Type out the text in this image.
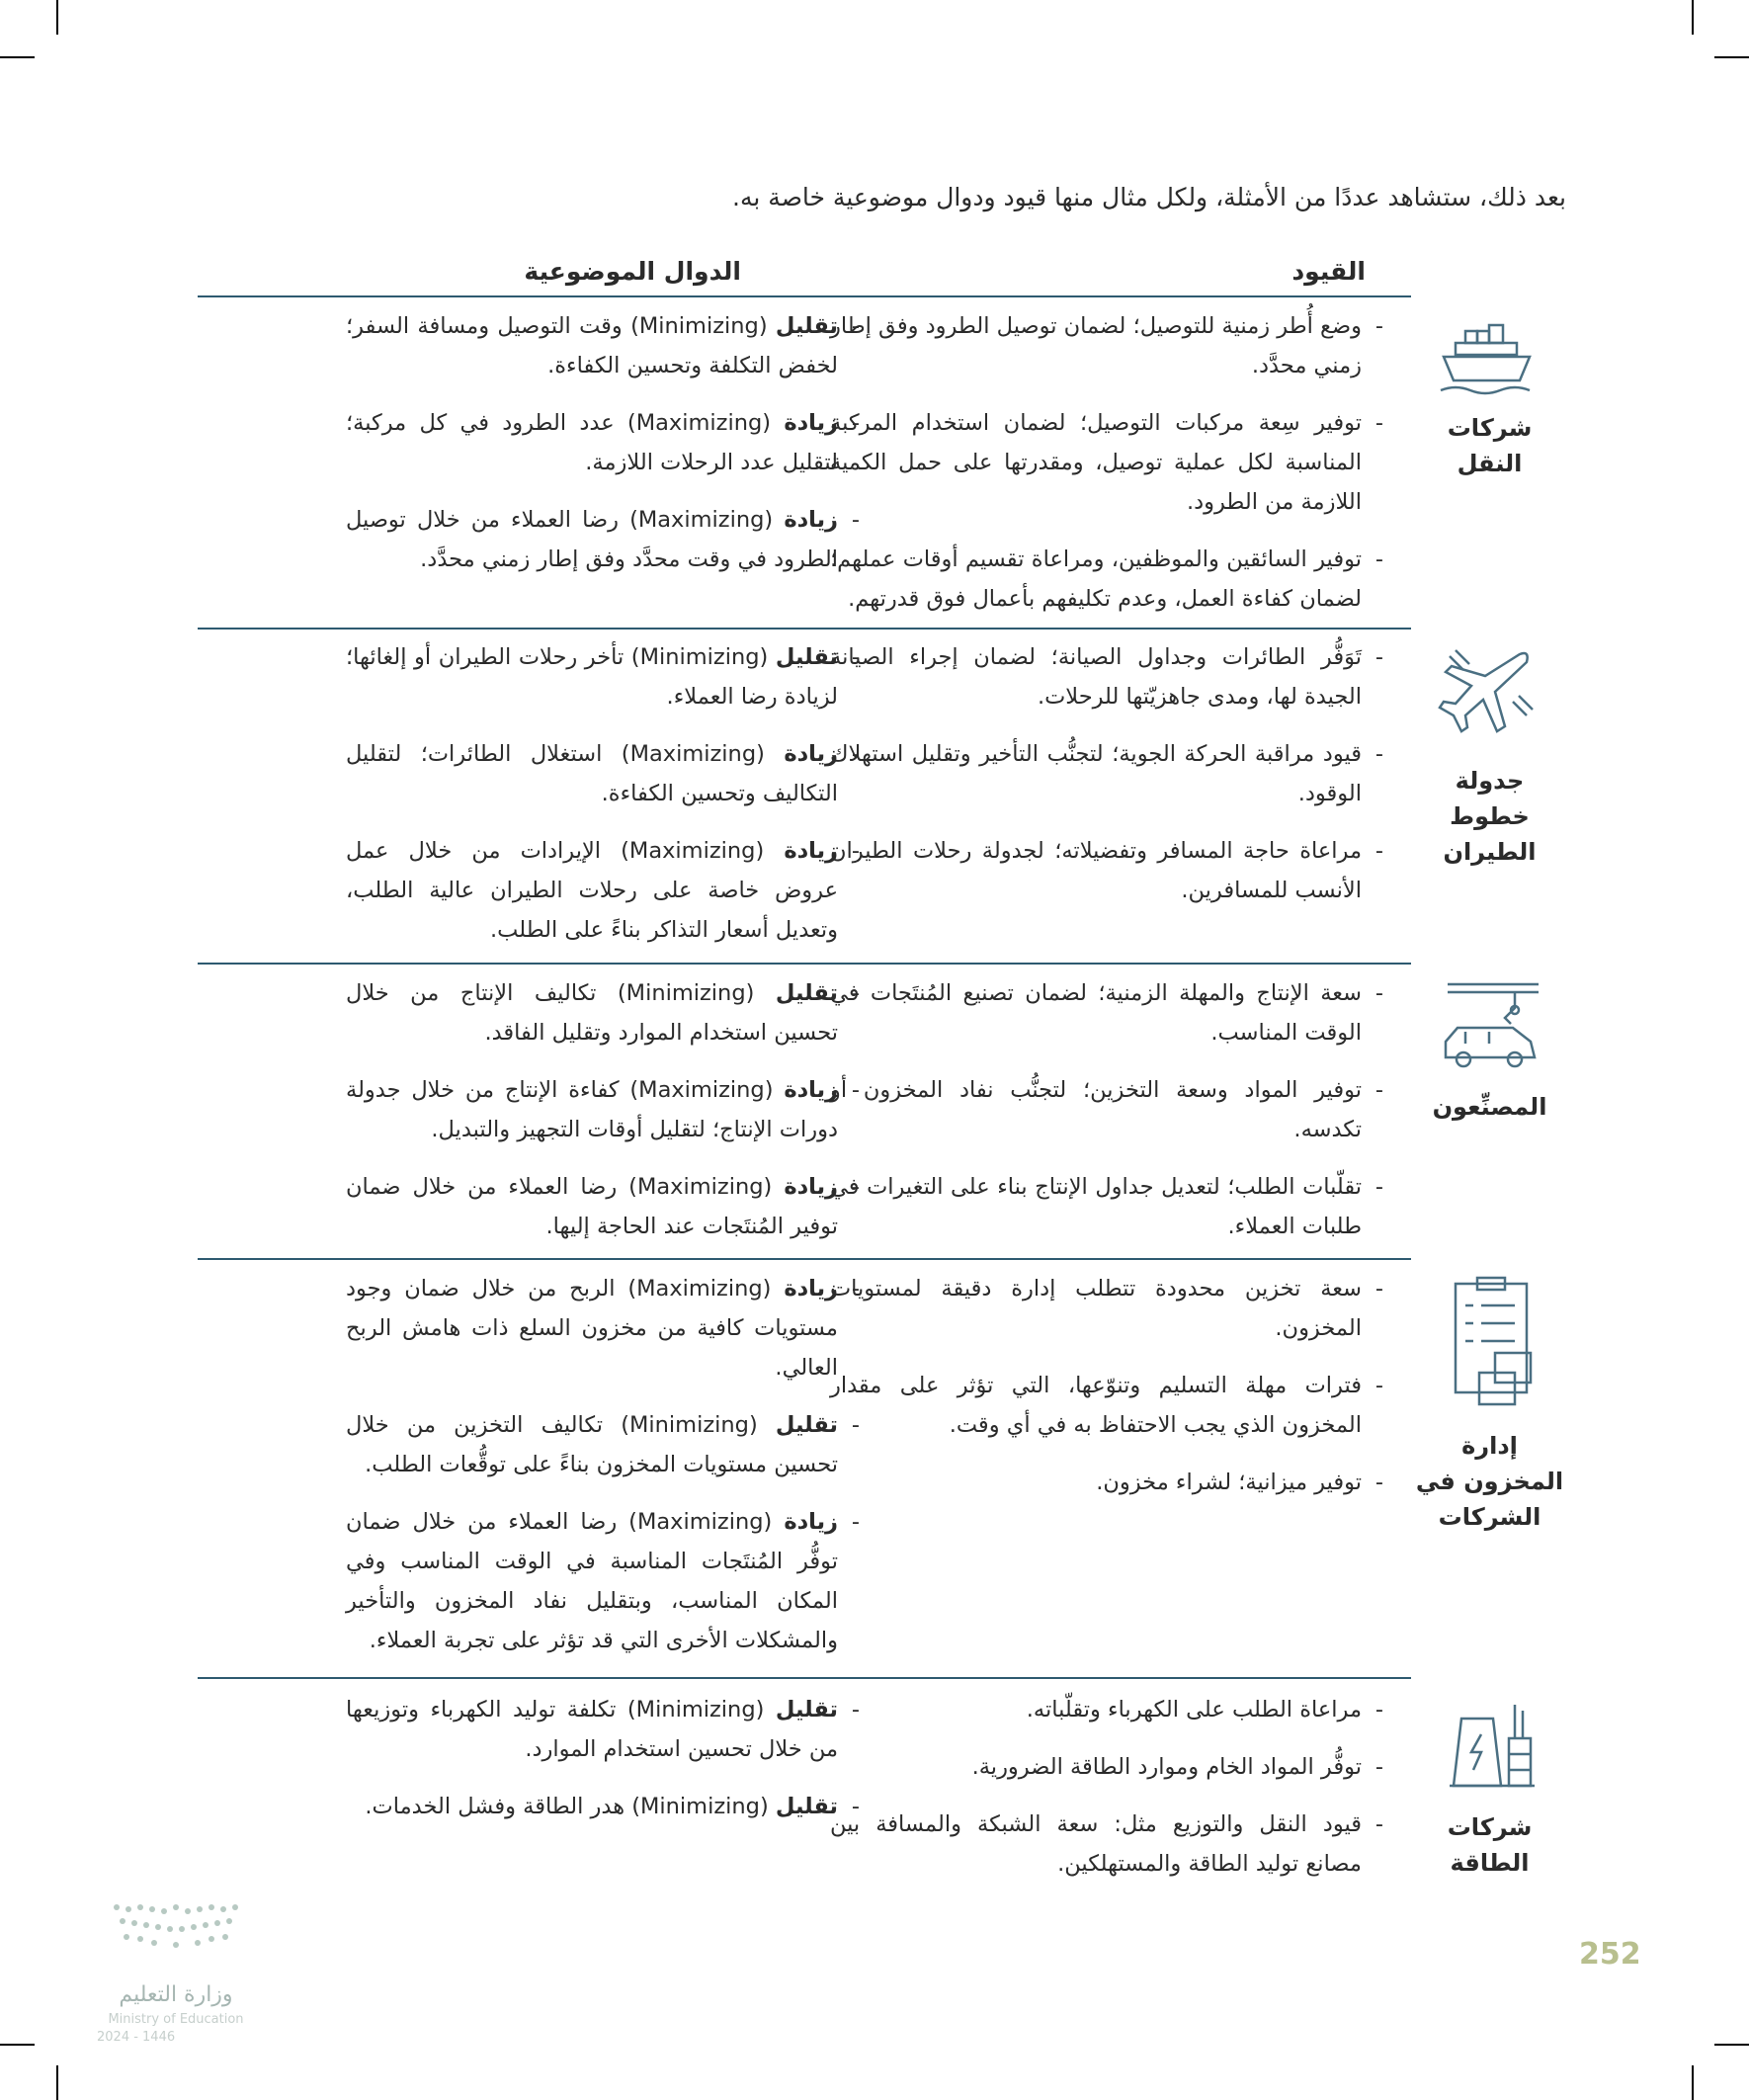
بعد ذلك، ستشاهد عددًا من الأمثلة، ولكل مثال منها قيود ودوال موضوعية خاصة به.
القيود
الدوال الموضوعية
شركات النقل
- وضع أُطر زمنية للتوصيل؛ لضمان توصيل الطرود وفق إطار زمني محدَّد.
- توفير سِعة مركبات التوصيل؛ لضمان استخدام المركبة المناسبة لكل عملية توصيل، ومقدرتها على حمل الكمية اللازمة من الطرود.
- توفير السائقين والموظفين، ومراعاة تقسيم أوقات عملهم؛ لضمان كفاءة العمل، وعدم تكليفهم بأعمال فوق قدرتهم.
- تقليل (Minimizing) وقت التوصيل ومسافة السفر؛ لخفض التكلفة وتحسين الكفاءة.
- زيادة (Maximizing) عدد الطرود في كل مركبة؛ لتقليل عدد الرحلات اللازمة.
- زيادة (Maximizing) رضا العملاء من خلال توصيل الطرود في وقت محدَّد وفق إطار زمني محدَّد.
جدولة خطوط الطيران
- تَوَفُّر الطائرات وجداول الصيانة؛ لضمان إجراء الصيانة الجيدة لها، ومدى جاهزيّتها للرحلات.
- قيود مراقبة الحركة الجوية؛ لتجنُّب التأخير وتقليل استهلاك الوقود.
- مراعاة حاجة المسافر وتفضيلاته؛ لجدولة رحلات الطيران الأنسب للمسافرين.
- تقليل (Minimizing) تأخر رحلات الطيران أو إلغائها؛ لزيادة رضا العملاء.
- زيادة (Maximizing) استغلال الطائرات؛ لتقليل التكاليف وتحسين الكفاءة.
- زيادة (Maximizing) الإيرادات من خلال عمل عروض خاصة على رحلات الطيران عالية الطلب، وتعديل أسعار التذاكر بناءً على الطلب.
المصنِّعون
- سعة الإنتاج والمهلة الزمنية؛ لضمان تصنيع المُنتَجات في الوقت المناسب.
- توفير المواد وسعة التخزين؛ لتجنُّب نفاد المخزون أو تكدسه.
- تقلّبات الطلب؛ لتعديل جداول الإنتاج بناء على التغيرات في طلبات العملاء.
- تقليل (Minimizing) تكاليف الإنتاج من خلال تحسين استخدام الموارد وتقليل الفاقد.
- زيادة (Maximizing) كفاءة الإنتاج من خلال جدولة دورات الإنتاج؛ لتقليل أوقات التجهيز والتبديل.
- زيادة (Maximizing) رضا العملاء من خلال ضمان توفير المُنتَجات عند الحاجة إليها.
إدارة المخزون في الشركات
- سعة تخزين محدودة تتطلب إدارة دقيقة لمستويات المخزون.
- فترات مهلة التسليم وتنوّعها، التي تؤثر على مقدار المخزون الذي يجب الاحتفاظ به في أي وقت.
- توفير ميزانية؛ لشراء مخزون.
- زيادة (Maximizing) الربح من خلال ضمان وجود مستويات كافية من مخزون السلع ذات هامش الربح العالي.
- تقليل (Minimizing) تكاليف التخزين من خلال تحسين مستويات المخزون بناءً على توقُّعات الطلب.
- زيادة (Maximizing) رضا العملاء من خلال ضمان توفُّر المُنتَجات المناسبة في الوقت المناسب وفي المكان المناسب، وبتقليل نفاد المخزون والتأخير والمشكلات الأخرى التي قد تؤثر على تجربة العملاء.
شركات الطاقة
- مراعاة الطلب على الكهرباء وتقلّباته.
- توفُّر المواد الخام وموارد الطاقة الضرورية.
- قيود النقل والتوزيع مثل: سعة الشبكة والمسافة بين مصانع توليد الطاقة والمستهلكين.
- تقليل (Minimizing) تكلفة توليد الكهرباء وتوزيعها من خلال تحسين استخدام الموارد.
- تقليل (Minimizing) هدر الطاقة وفشل الخدمات.
وزارة التعليم
Ministry of Education
2024 - 1446
252
